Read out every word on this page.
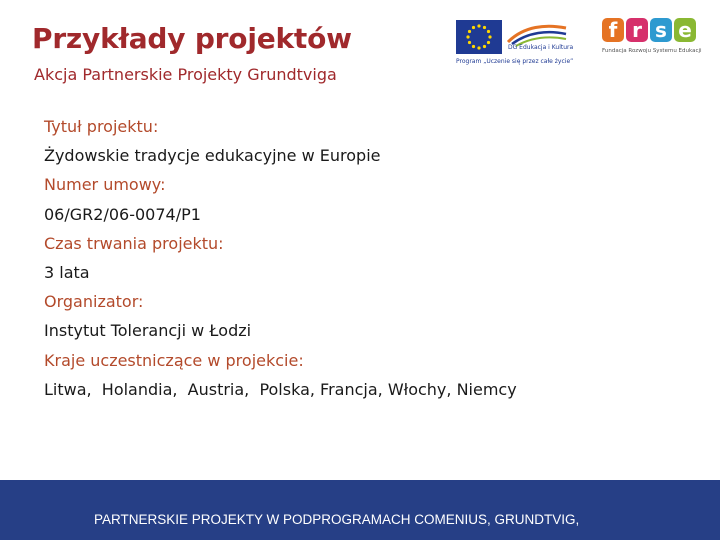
Przykłady projektów
Akcja Partnerskie Projekty Grundtviga
DG Edukacja i Kultura
Program „Uczenie się przez całe życie”
f r s e
Fundacja Rozwoju Systemu Edukacji
Tytuł projektu:
Żydowskie tradycje edukacyjne w Europie
Numer umowy:
06/GR2/06-0074/P1
Czas trwania projektu:
3 lata
Organizator:
Instytut Tolerancji w Łodzi
Kraje uczestniczące w projekcie:
Litwa,  Holandia,  Austria,  Polska, Francja, Włochy, Niemcy
PARTNERSKIE PROJEKTY W PODPROGRAMACH COMENIUS, GRUNDTVIG,
